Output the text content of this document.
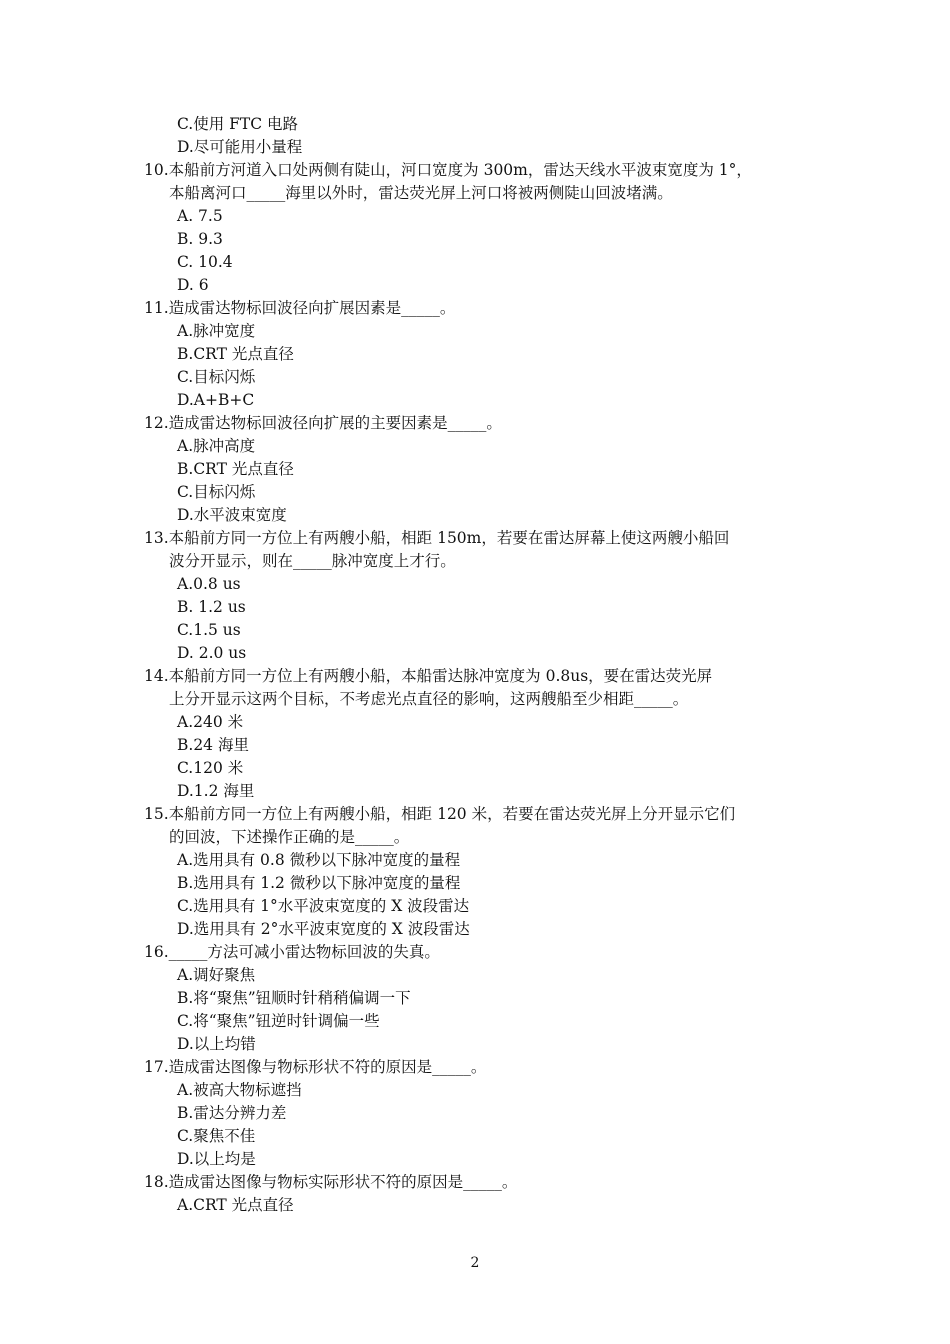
C.使用 FTC 电路
D.尽可能用小量程
10.本船前方河道入口处两侧有陡山，河口宽度为 300m，雷达天线水平波束宽度为 1°，
本船离河口_____海里以外时，雷达荧光屏上河口将被两侧陡山回波堵满。
A. 7.5
B. 9.3
C. 10.4
D. 6
11.造成雷达物标回波径向扩展因素是_____。
A.脉冲宽度
B.CRT 光点直径
C.目标闪烁
D.A+B+C
12.造成雷达物标回波径向扩展的主要因素是_____。
A.脉冲高度
B.CRT 光点直径
C.目标闪烁
D.水平波束宽度
13.本船前方同一方位上有两艘小船，相距 150m，若要在雷达屏幕上使这两艘小船回
波分开显示，则在_____脉冲宽度上才行。
A.0.8 us
B. 1.2 us
C.1.5 us
D. 2.0 us
14.本船前方同一方位上有两艘小船，本船雷达脉冲宽度为 0.8us，要在雷达荧光屏
上分开显示这两个目标，不考虑光点直径的影响，这两艘船至少相距_____。
A.240 米
B.24 海里
C.120 米
D.1.2 海里
15.本船前方同一方位上有两艘小船，相距 120 米，若要在雷达荧光屏上分开显示它们
的回波，下述操作正确的是_____。
A.选用具有 0.8 微秒以下脉冲宽度的量程
B.选用具有 1.2 微秒以下脉冲宽度的量程
C.选用具有 1°水平波束宽度的 X 波段雷达
D.选用具有 2°水平波束宽度的 X 波段雷达
16._____方法可减小雷达物标回波的失真。
A.调好聚焦
B.将“聚焦”钮顺时针稍稍偏调一下
C.将“聚焦”钮逆时针调偏一些
D.以上均错
17.造成雷达图像与物标形状不符的原因是_____。
A.被高大物标遮挡
B.雷达分辨力差
C.聚焦不佳
D.以上均是
18.造成雷达图像与物标实际形状不符的原因是_____。
A.CRT 光点直径
2
